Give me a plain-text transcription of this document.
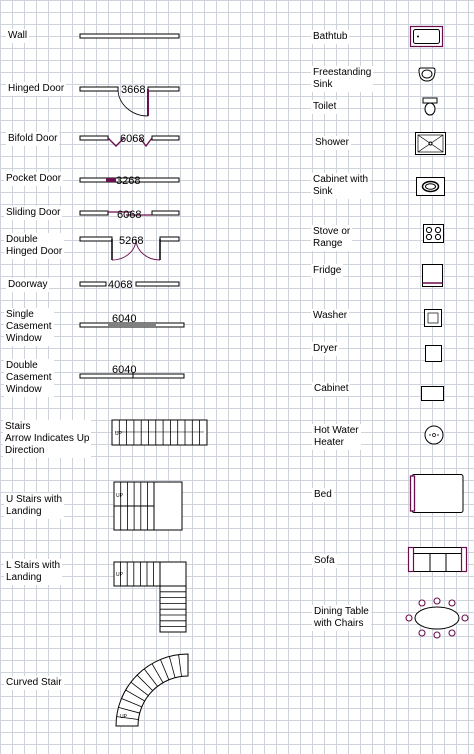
Wall
Hinged Door
Bifold Door
Pocket Door
Sliding Door
Double
Hinged Door
Doorway
Single
Casement
Window
Double
Casement
Window
Stairs
Arrow Indicates Up
Direction
U Stairs with
Landing
L Stairs with
Landing
Curved Stair
Bathtub
Freestanding
Sink
Toilet
Shower
Cabinet with
Sink
Stove or
Range
Fridge
Washer
Dryer
Cabinet
Hot Water
Heater
Bed
Sofa
Dining Table
with Chairs
3668
6068
3268
6068
5268
4068
6040
6040
UP
UP
UP
UP
